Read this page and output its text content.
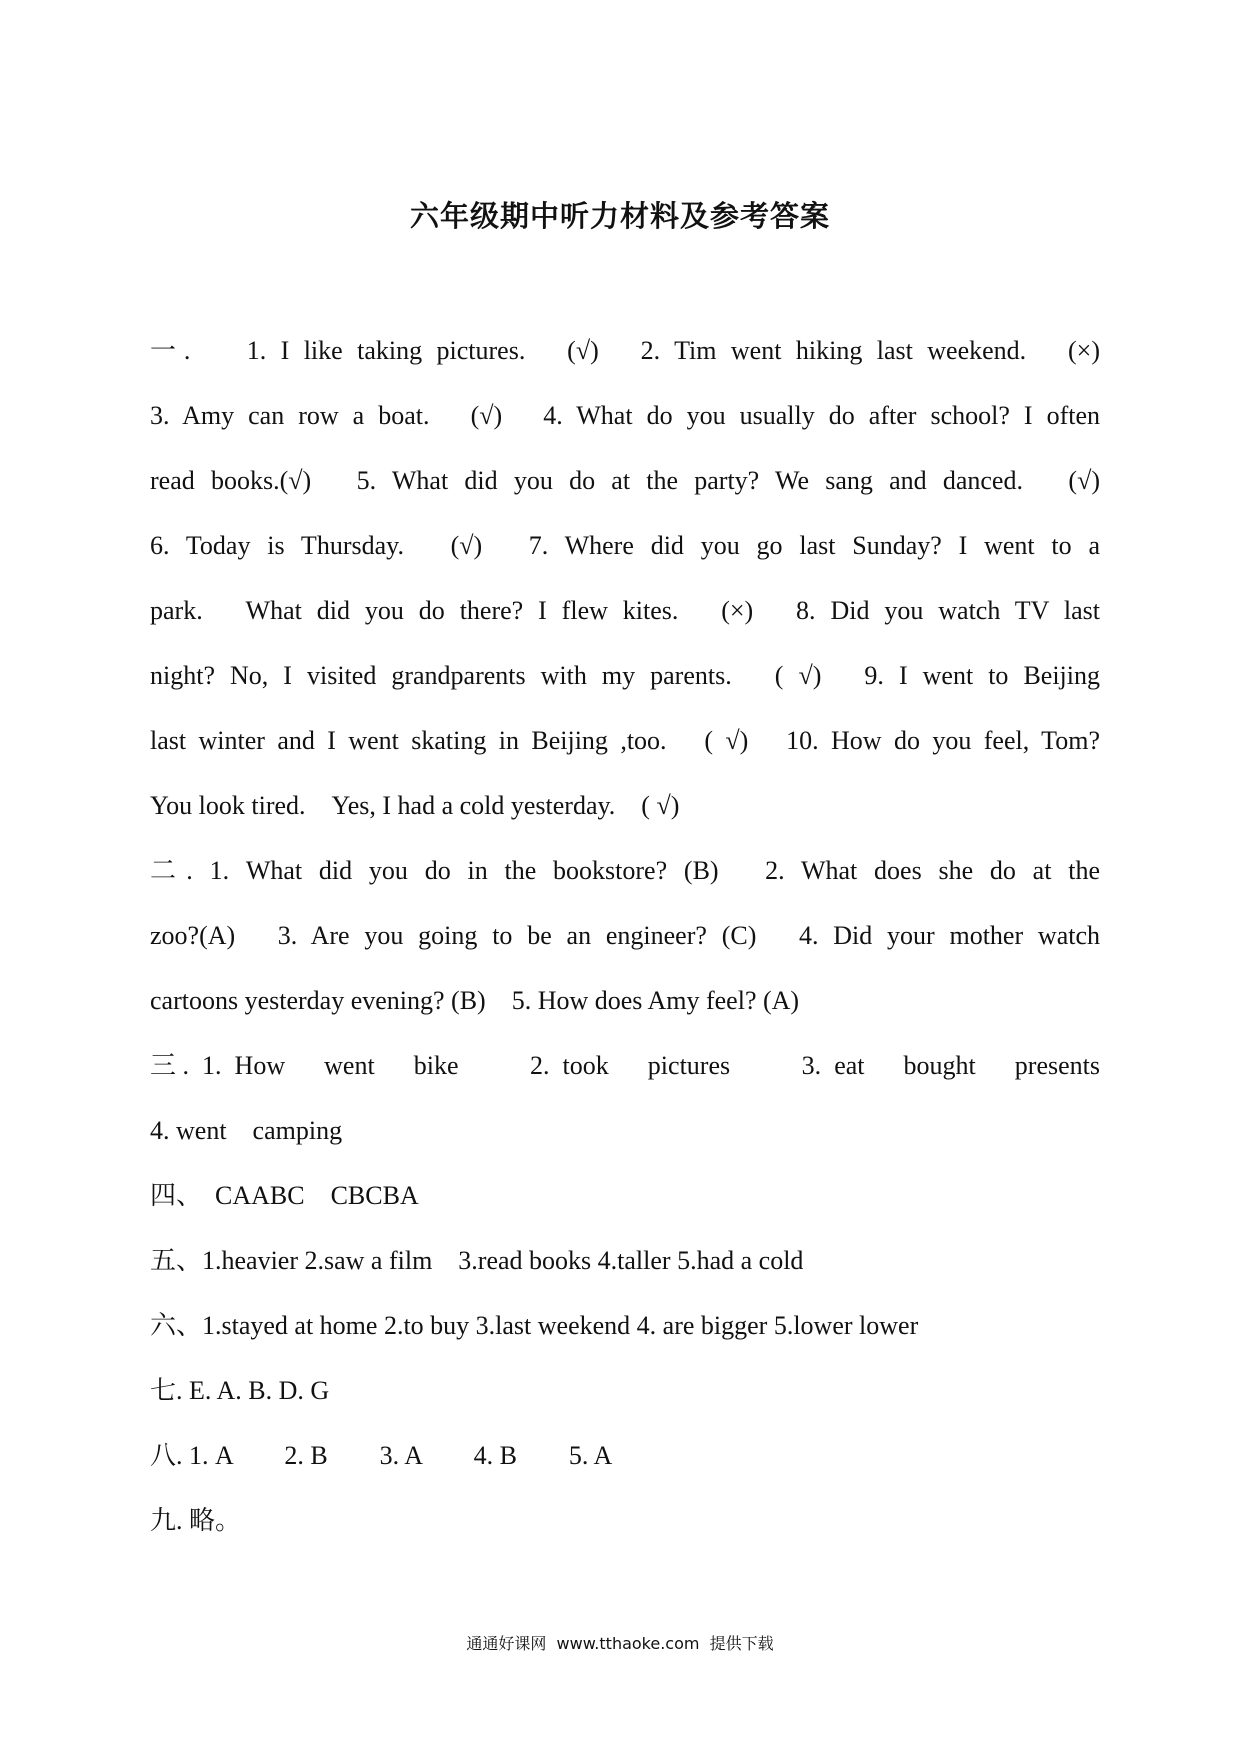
六年级期中听力材料及参考答案
一.　 1. I like taking pictures.　(√)　2. Tim went hiking last weekend.　(×)
3. Amy can row a boat.　(√)　4. What do you usually do after school? I often
read books.(√)　5. What did you do at the party? We sang and danced.　(√)
6. Today is Thursday.　(√)　7. Where did you go last Sunday? I went to a
park.　What did you do there? I flew kites.　(×)　8. Did you watch TV last
night? No, I visited grandparents with my parents.　( √)　9. I went to Beijing
last winter and I went skating in Beijing ,too.　( √)　10. How do you feel, Tom?
You look tired.　Yes, I had a cold yesterday.　( √)
二. 1. What did you do in the bookstore? (B)　2. What does she do at the
zoo?(A)　3. Are you going to be an engineer? (C)　4. Did your mother watch
cartoons yesterday evening? (B)　5. How does Amy feel? (A)
三. 1. How　went　bike　　2. took　pictures　　3. eat　bought　presents
4. went　camping
四、　CAABC　CBCBA
五、1.heavier 2.saw a film　3.read books 4.taller 5.had a cold
六、1.stayed at home 2.to buy 3.last weekend 4. are bigger 5.lower lower
七. E. A. B. D. G
八. 1. A　　2. B　　3. A　　4. B　　5. A
九. 略。
通通好课网  www.tthaoke.com  提供下载
